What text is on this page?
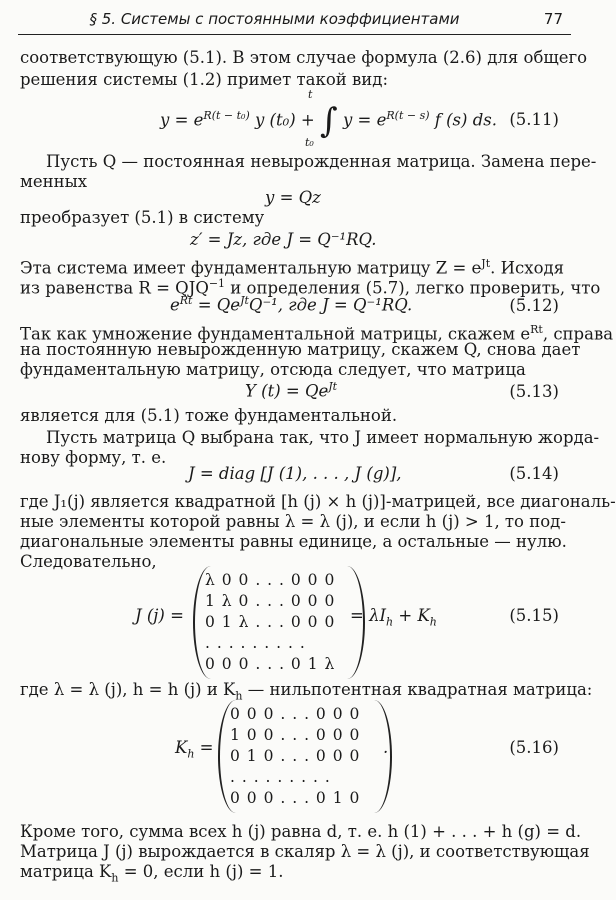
§ 5. Системы с постоянными коэффициентами	77
соответствующую (5.1). В этом случае формула (2.6) для общего
решения системы (1.2) примет такой вид:
$y = e^{R(t - t_0)}$ y (t₀) + ∫ $y = e^{R(t - s)}$ f (s) ds.
t
t₀
(5.11)
Пусть Q — постоянная невырожденная матрица. Замена пере-
менных
y = Qz
преобразует (5.1) в систему
z′ = Jz, где J = Q⁻¹RQ.
Эта система имеет фундаментальную матрицу $Z = e^{Jt}$. Исходя
из равенства $R = QJQ^{-1}$ и определения (5.7), легко проверить, что
$e^{Rt} = Qe^{Jt}Q^{-1}$, где J = Q⁻¹RQ.	(5.12)
Так как умножение фундаментальной матрицы, скажем $e^{Rt}$, справа
на постоянную невырожденную матрицу, скажем Q, снова дает
фундаментальную матрицу, отсюда следует, что матрица
Y $(t) = Qe^{Jt}$	(5.13)
является для (5.1) тоже фундаментальной.
Пусть матрица Q выбрана так, что J имеет нормальную жорда-
нову форму, т. е.
J = diag [J (1), . . . , J (g)],	(5.14)
где J₁(j) является квадратной [h (j) × h (j)]-матрицей, все диагональ-
ные элементы которой равны λ = λ (j), и если h (j) > 1, то под-
диагональные элементы равны единице, а остальные — нулю.
Следовательно,
J (j) =
λ 0 0 . . . 0 0 0
1 λ 0 . . . 0 0 0
0 1 λ . . . 0 0 0
. . . . . . . . .
0 0 0 . . . 0 1 λ
= $\lambda I_h + K_h$	(5.15)
где λ = λ (j), h = h (j) и $K_h$ — нильпотентная квадратная матрица:
$K_h$ =
0 0 0 . . . 0 0 0
1 0 0 . . . 0 0 0
0 1 0 . . . 0 0 0
. . . . . . . . .
0 0 0 . . . 0 1 0
.	(5.16)
Кроме того, сумма всех h (j) равна d, т. е. h (1) + . . . + h (g) = d.
Матрица J (j) вырождается в скаляр λ = λ (j), и соответствующая
матрица $K_h = 0$, если h (j) = 1.
